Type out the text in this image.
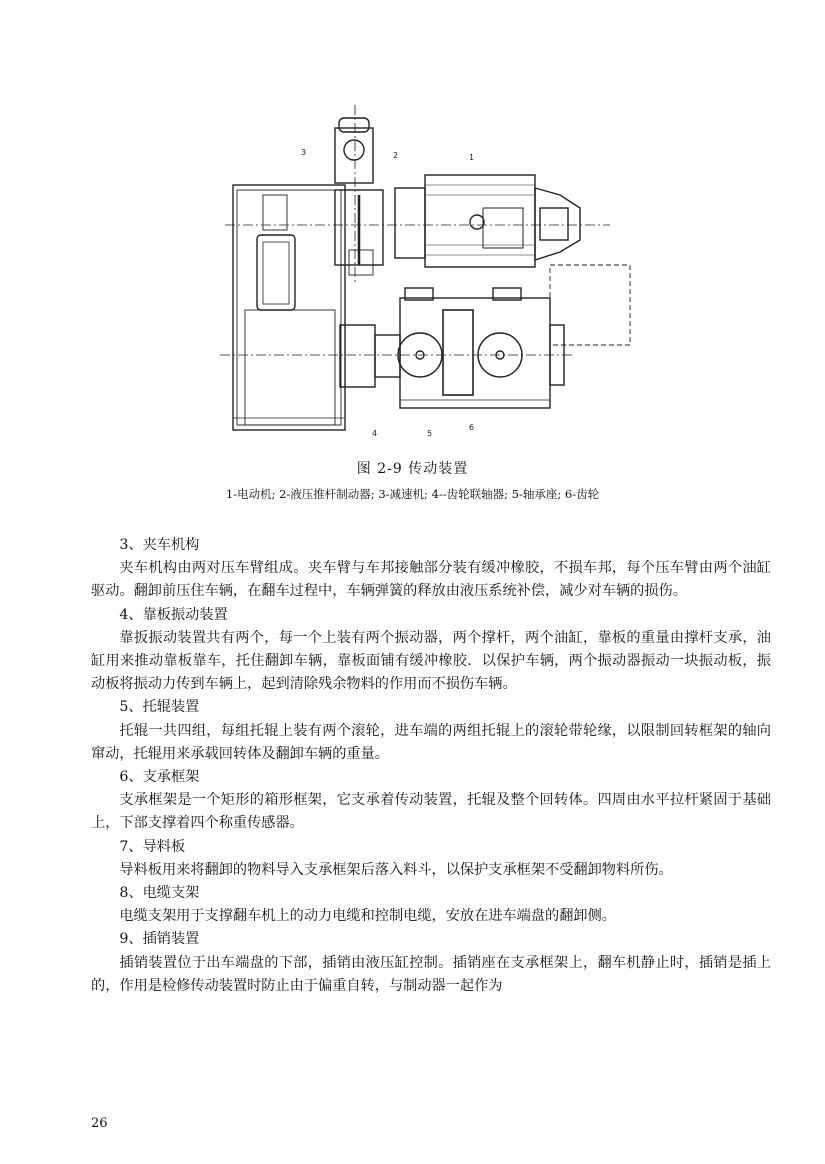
1
2
3
4	5
6
图 2-9 传动装置
1-电动机; 2-液压推杆制动器; 3-减速机; 4--齿轮联轴器; 5-轴承座; 6-齿轮

3、夹车机构

夹车机构由两对压车臂组成。夹车臂与车邦接触部分装有缓冲橡胶，不损车邦，每个压车臂由两个油缸驱动。翻卸前压住车辆，在翻车过程中，车辆弹簧的释放由液压系统补偿，减少对车辆的损伤。

4、靠板振动装置

靠扳振动装置共有两个，每一个上装有两个振动器，两个撑杆，两个油缸，靠板的重量由撑杆支承，油缸用来推动靠板靠车，托住翻卸车辆，靠板面铺有缓冲橡胶．以保护车辆，两个振动器振动一块振动板，振动板将振动力传到车辆上，起到清除残余物料的作用而不损伤车辆。

5、托辊装置

托辊一共四组，每组托辊上装有两个滚轮，进车端的两组托辊上的滚轮带轮缘，以限制回转框架的轴向窜动，托辊用来承载回转体及翻卸车辆的重量。

6、支承框架

支承框架是一个矩形的箱形框架，它支承着传动装置，托辊及整个回转体。四周由水平拉杆紧固于基础上，下部支撑着四个称重传感器。

7、导料板

导料板用来将翻卸的物料导入支承框架后落入料斗，以保护支承框架不受翻卸物料所伤。

8、电缆支架

电缆支架用于支撑翻车机上的动力电缆和控制电缆，安放在进车端盘的翻卸侧。

9、插销装置

插销装置位于出车端盘的下部，插销由液压缸控制。插销座在支承框架上，翻车机静止时，插销是插上的，作用是检修传动装置时防止由于偏重自转，与制动器一起作为

26
